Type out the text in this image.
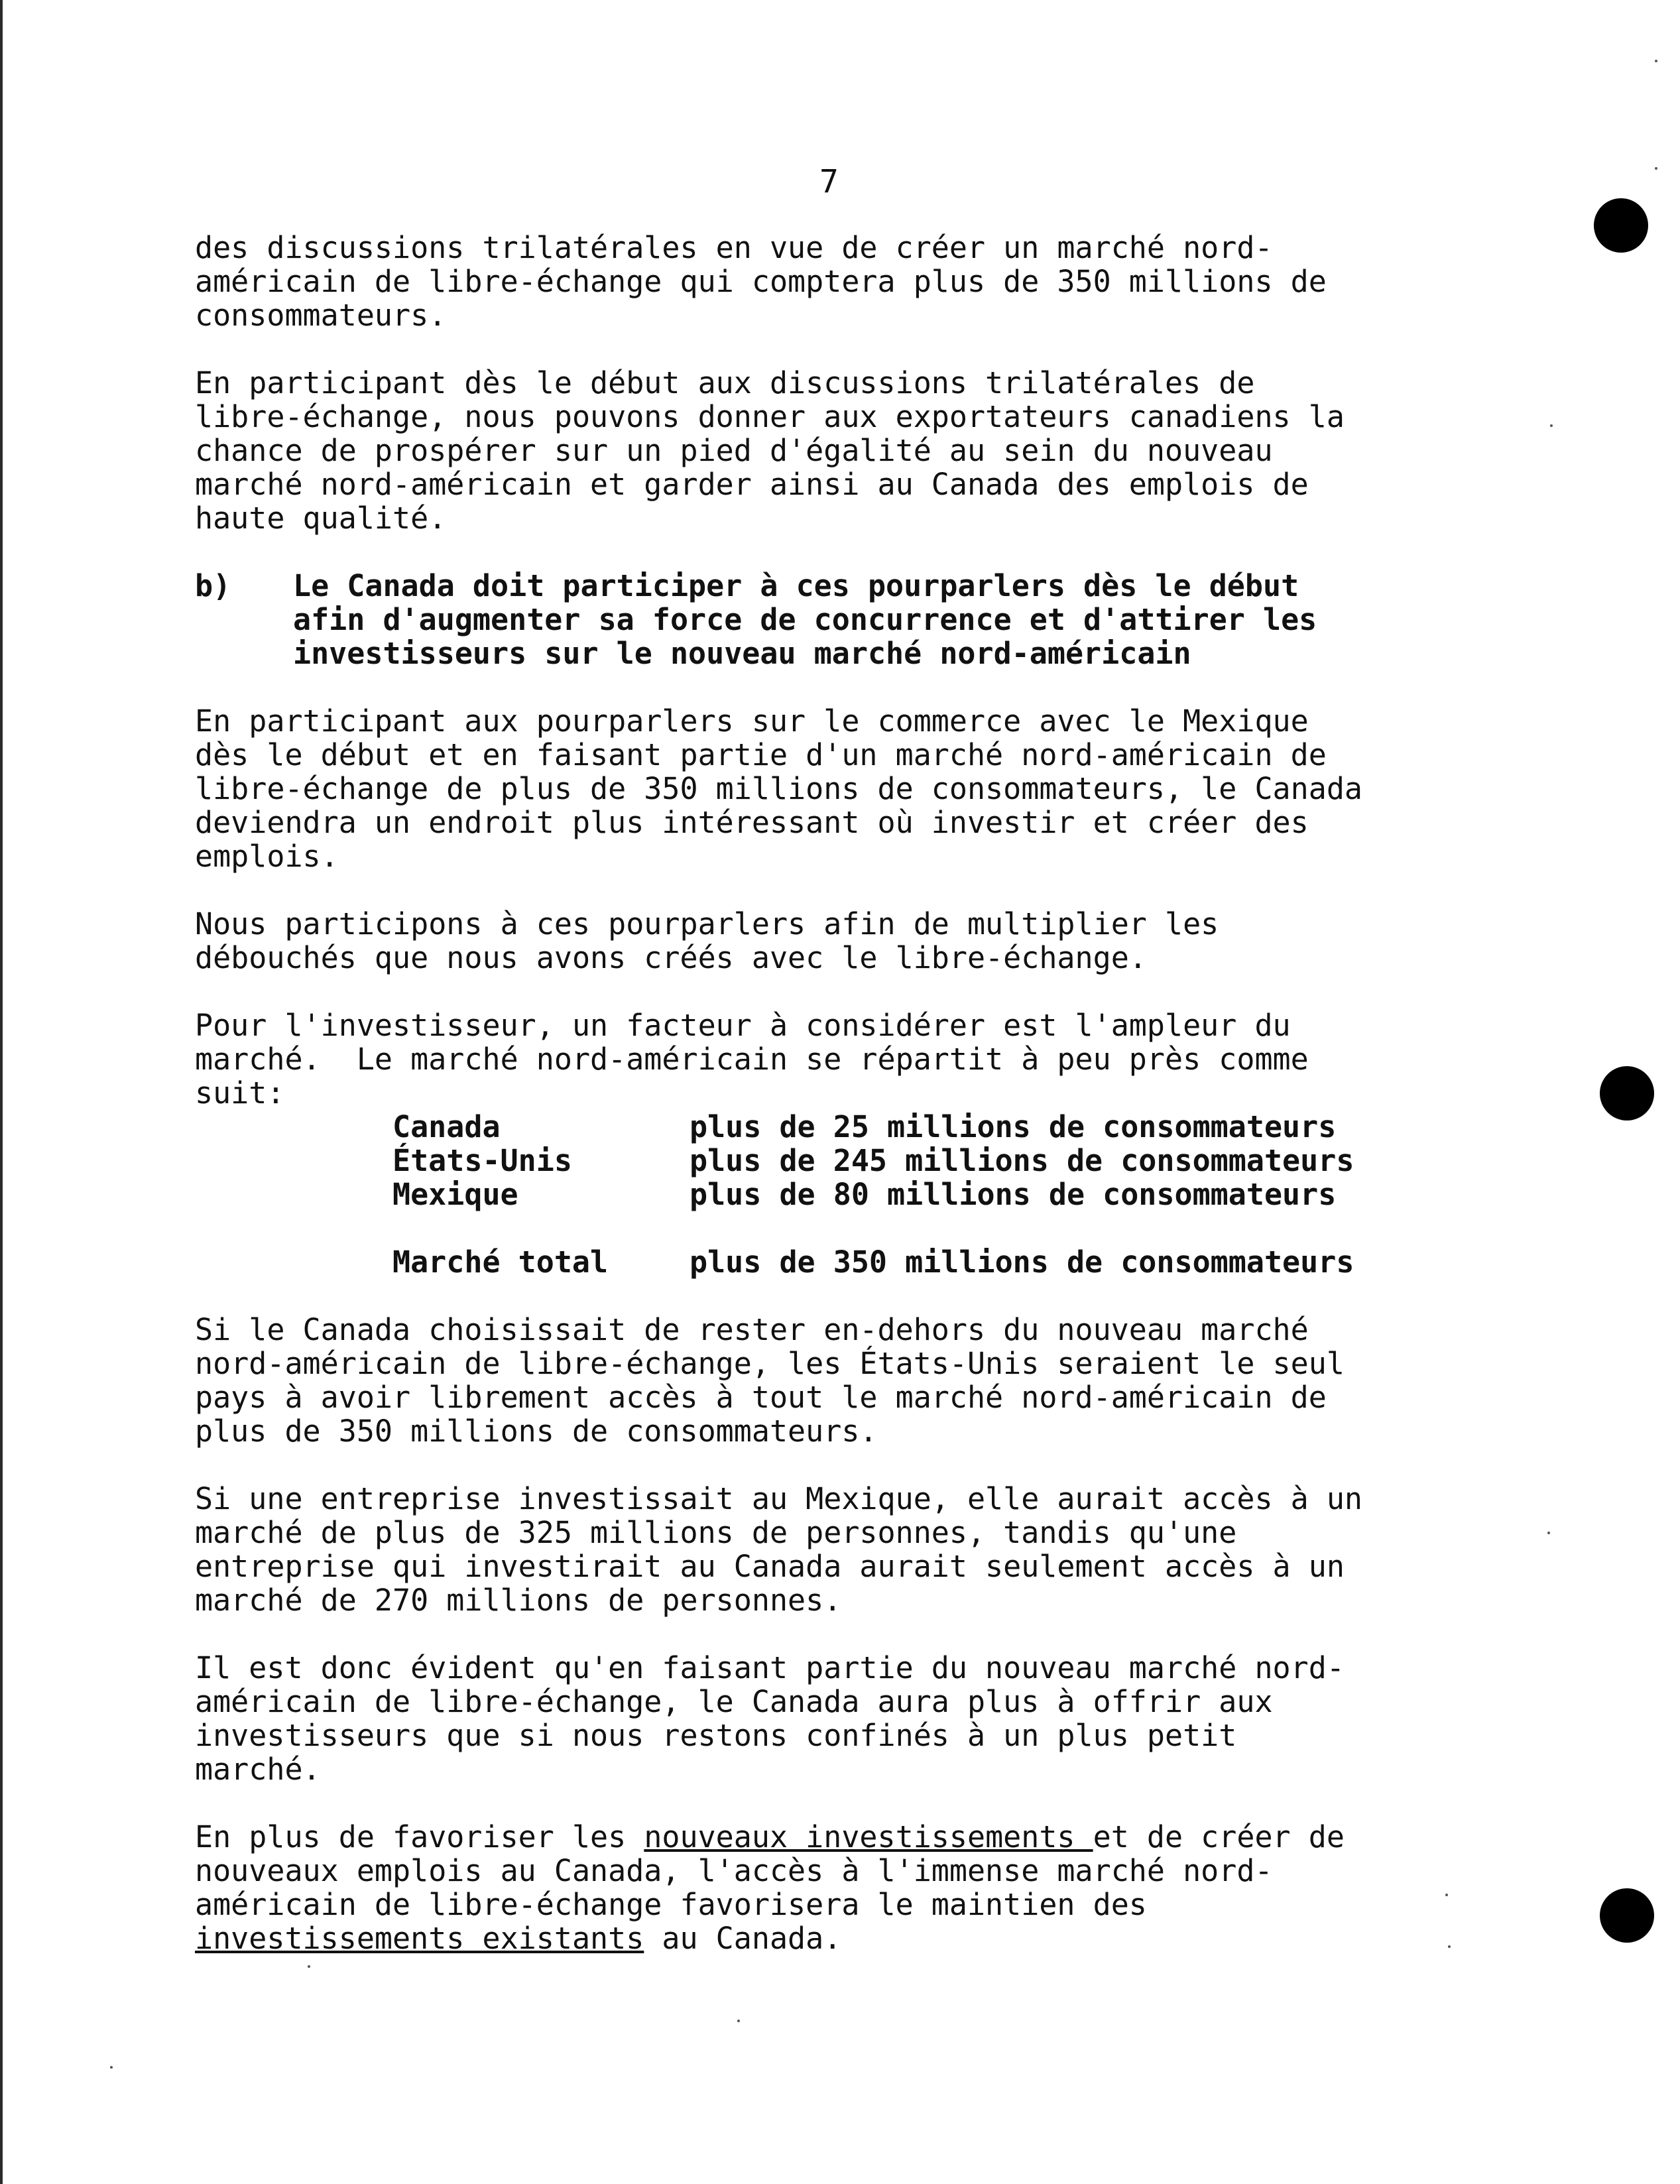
7
des discussions trilatérales en vue de créer un marché nord-
américain de libre-échange qui comptera plus de 350 millions de
consommateurs.
En participant dès le début aux discussions trilatérales de
libre-échange, nous pouvons donner aux exportateurs canadiens la
chance de prospérer sur un pied d'égalité au sein du nouveau
marché nord-américain et garder ainsi au Canada des emplois de
haute qualité.
b)	Le Canada doit participer à ces pourparlers dès le début
afin d'augmenter sa force de concurrence et d'attirer les
investisseurs sur le nouveau marché nord-américain
En participant aux pourparlers sur le commerce avec le Mexique
dès le début et en faisant partie d'un marché nord-américain de
libre-échange de plus de 350 millions de consommateurs, le Canada
deviendra un endroit plus intéressant où investir et créer des
emplois.
Nous participons à ces pourparlers afin de multiplier les
débouchés que nous avons créés avec le libre-échange.
Pour l'investisseur, un facteur à considérer est l'ampleur du
marché.  Le marché nord-américain se répartit à peu près comme
suit:
Canada	plus de 25 millions de consommateurs
États-Unis	plus de 245 millions de consommateurs
Mexique	plus de 80 millions de consommateurs
Marché total	plus de 350 millions de consommateurs
Si le Canada choisissait de rester en-dehors du nouveau marché
nord-américain de libre-échange, les États-Unis seraient le seul
pays à avoir librement accès à tout le marché nord-américain de
plus de 350 millions de consommateurs.
Si une entreprise investissait au Mexique, elle aurait accès à un
marché de plus de 325 millions de personnes, tandis qu'une
entreprise qui investirait au Canada aurait seulement accès à un
marché de 270 millions de personnes.
Il est donc évident qu'en faisant partie du nouveau marché nord-
américain de libre-échange, le Canada aura plus à offrir aux
investisseurs que si nous restons confinés à un plus petit
marché.
En plus de favoriser les nouveaux investissements et de créer de
nouveaux emplois au Canada, l'accès à l'immense marché nord-
américain de libre-échange favorisera le maintien des
investissements existants au Canada.
